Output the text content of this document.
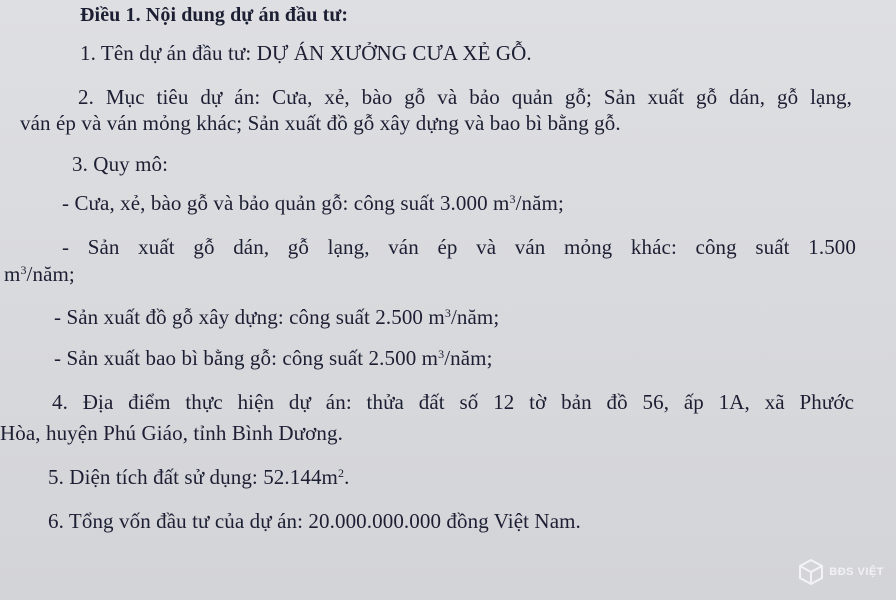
Điều 1. Nội dung dự án đầu tư:
1. Tên dự án đầu tư: DỰ ÁN XƯỞNG CƯA XẺ GỖ.
2. Mục tiêu dự án: Cưa, xẻ, bào gỗ và bảo quản gỗ; Sản xuất gỗ dán, gỗ lạng,
ván ép và ván mỏng khác; Sản xuất đồ gỗ xây dựng và bao bì bằng gỗ.
3. Quy mô:
- Cưa, xẻ, bào gỗ và bảo quản gỗ: công suất 3.000 $m^3$/năm;
- Sản xuất gỗ dán, gỗ lạng, ván ép và ván mỏng khác: công suất 1.500
$m^3$/năm;
- Sản xuất đồ gỗ xây dựng: công suất 2.500 $m^3$/năm;
- Sản xuất bao bì bằng gỗ: công suất 2.500 $m^3$/năm;
4. Địa điểm thực hiện dự án: thửa đất số 12 tờ bản đồ 56, ấp 1A, xã Phước
Hòa, huyện Phú Giáo, tỉnh Bình Dương.
5. Diện tích đất sử dụng: $52.144m^2$.
6. Tổng vốn đầu tư của dự án: 20.000.000.000 đồng Việt Nam.
BĐS VIỆT
